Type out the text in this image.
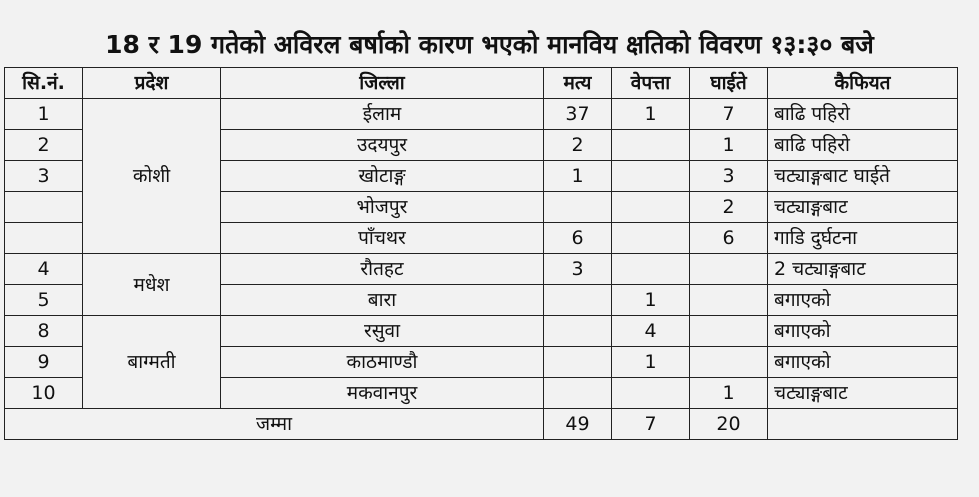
18 र 19 गतेको अविरल बर्षाको कारण भएको मानविय क्षतिको विवरण १३:३० बजे
सि.नं.	प्रदेश	जिल्ला	मत्य	वेपत्ता	घाईते	कैफियत
1	कोशी	ईलाम	37	1	7	बाढि पहिरो
2		उदयपुर	2		1	बाढि पहिरो
3		खोटाङ्ग	1		3	चट्याङ्गबाट घाईते
		भोजपुर			2	चट्याङ्गबाट
		पाँचथर	6		6	गाडि दुर्घटना
4	मधेश	रौतहट	3			2 चट्याङ्गबाट
5		बारा		1		बगाएको
8	बाग्मती	रसुवा		4		बगाएको
9		काठमाण्डौ		1		बगाएको
10		मकवानपुर			1	चट्याङ्गबाट
जम्मा			49	7	20	
